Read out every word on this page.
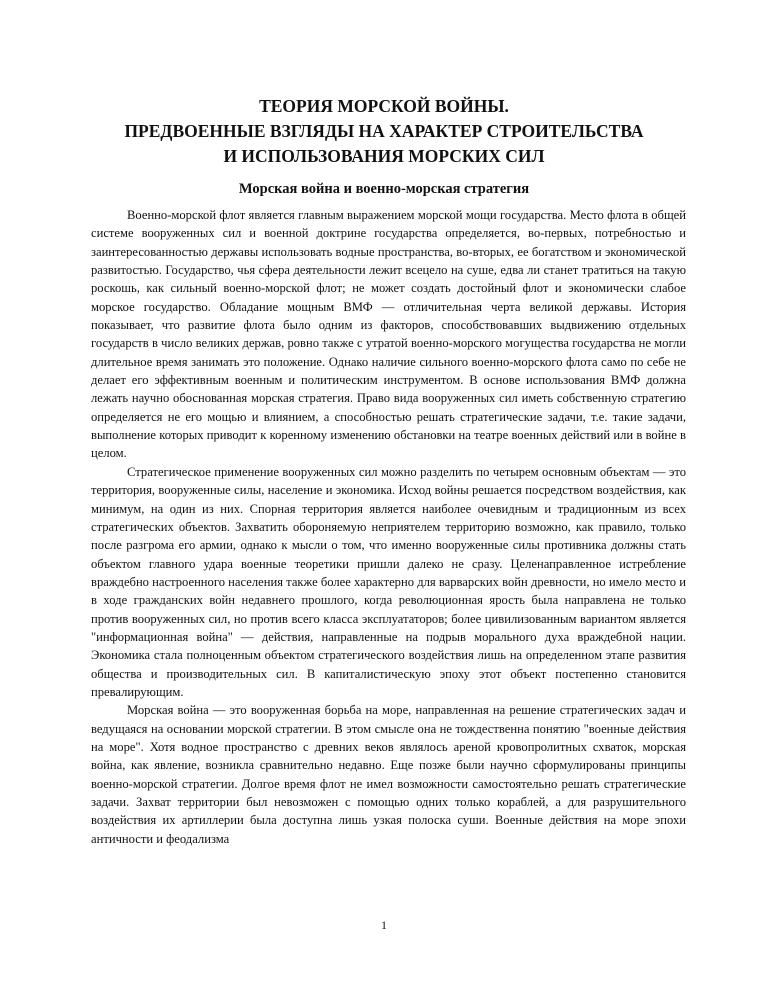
ТЕОРИЯ МОРСКОЙ ВОЙНЫ.
ПРЕДВОЕННЫЕ ВЗГЛЯДЫ НА ХАРАКТЕР СТРОИТЕЛЬСТВА
И ИСПОЛЬЗОВАНИЯ МОРСКИХ СИЛ
Морская война и военно-морская стратегия

Военно-морской флот является главным выражением морской мощи государства. Место флота в общей системе вооруженных сил и военной доктрине государства определяется, во-первых, потребностью и заинтересованностью державы использовать водные пространства, во-вторых, ее богатством и экономической развитостью. Государство, чья сфера деятельности лежит всецело на суше, едва ли станет тратиться на такую роскошь, как сильный военно-морской флот; не может создать достойный флот и экономически слабое морское государство. Обладание мощным ВМФ — отличительная черта великой державы. История показывает, что развитие флота было одним из факторов, способствовавших выдвижению отдельных государств в число великих держав, ровно также с утратой военно-морского могущества государства не могли длительное время занимать это положение. Однако наличие сильного военно-морского флота само по себе не делает его эффективным военным и политическим инструментом. В основе использования ВМФ должна лежать научно обоснованная морская стратегия. Право вида вооруженных сил иметь собственную стратегию определяется не его мощью и влиянием, а способностью решать стратегические задачи, т.е. такие задачи, выполнение которых приводит к коренному изменению обстановки на театре военных действий или в войне в целом.

Стратегическое применение вооруженных сил можно разделить по четырем основным объектам — это территория, вооруженные силы, население и экономика. Исход войны решается посредством воздействия, как минимум, на один из них. Спорная территория является наиболее очевидным и традиционным из всех стратегических объектов. Захватить обороняемую неприятелем территорию возможно, как правило, только после разгрома его армии, однако к мысли о том, что именно вооруженные силы противника должны стать объектом главного удара военные теоретики пришли далеко не сразу. Целенаправленное истребление враждебно настроенного населения также более характерно для варварских войн древности, но имело место и в ходе гражданских войн недавнего прошлого, когда революционная ярость была направлена не только против вооруженных сил, но против всего класса эксплуататоров; более цивилизованным вариантом является "информационная война" — действия, направленные на подрыв морального духа враждебной нации. Экономика стала полноценным объектом стратегического воздействия лишь на определенном этапе развития общества и производительных сил. В капиталистическую эпоху этот объект постепенно становится превалирующим.

Морская война — это вооруженная борьба на море, направленная на решение стратегических задач и ведущаяся на основании морской стратегии. В этом смысле она не тождественна понятию "военные действия на море". Хотя водное пространство с древних веков являлось ареной кровопролитных схваток, морская война, как явление, возникла сравнительно недавно. Еще позже были научно сформулированы принципы военно-морской стратегии. Долгое время флот не имел возможности самостоятельно решать стратегические задачи. Захват территории был невозможен с помощью одних только кораблей, а для разрушительного воздействия их артиллерии была доступна лишь узкая полоска суши. Военные действия на море эпохи античности и феодализма

1
